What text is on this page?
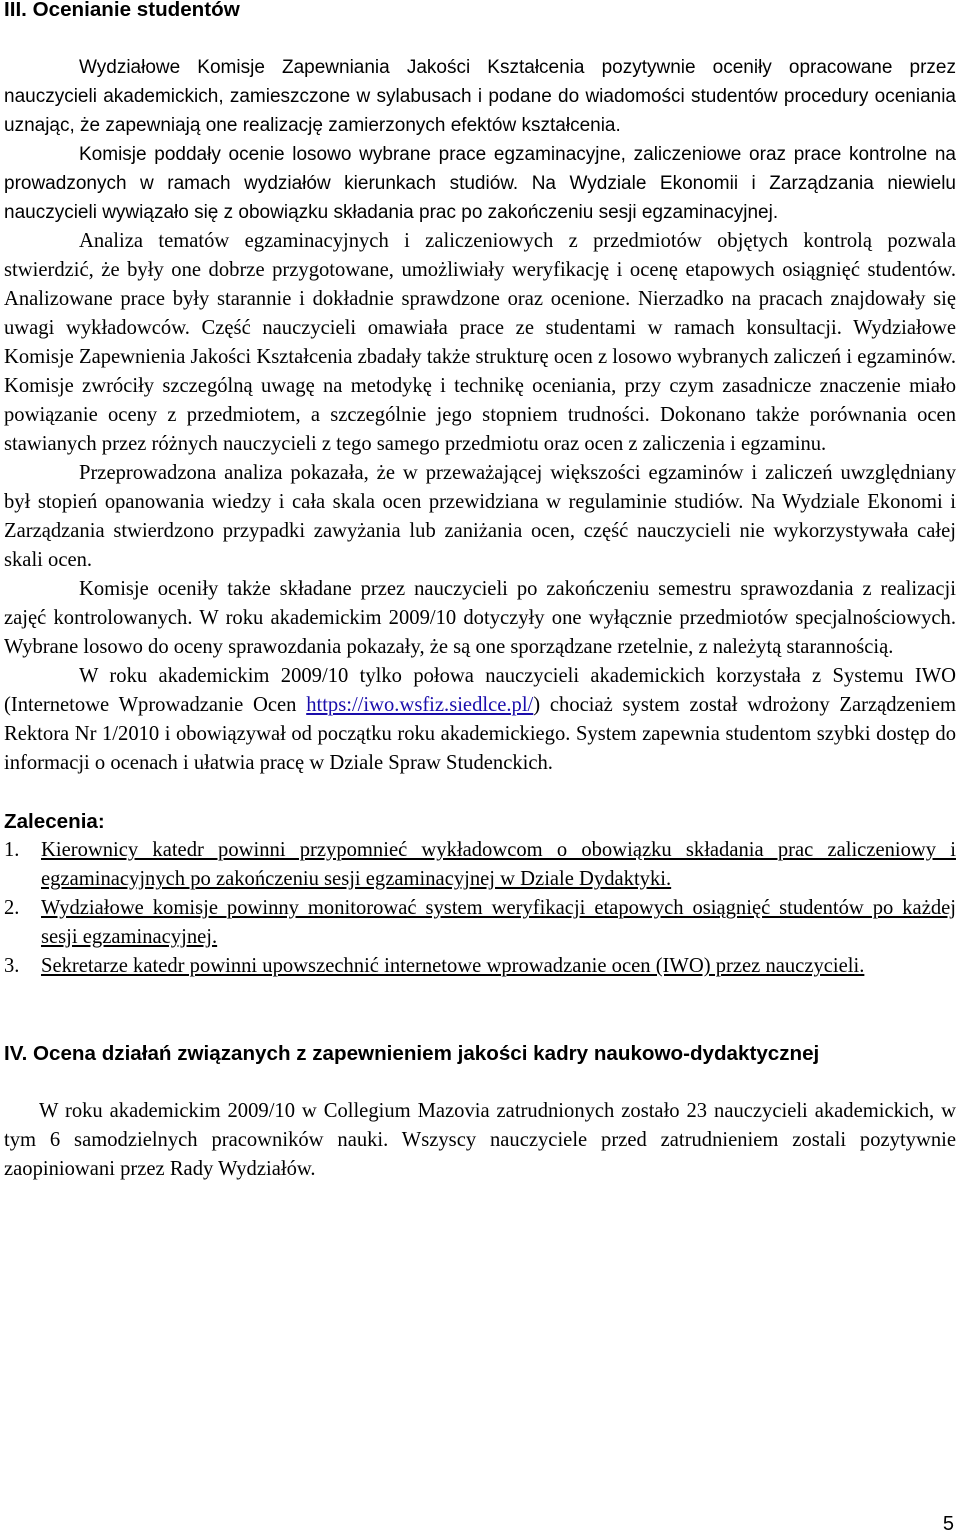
III. Ocenianie studentów

Wydziałowe Komisje Zapewniania Jakości Kształcenia pozytywnie oceniły opracowane przez nauczycieli akademickich, zamieszczone w sylabusach i podane do wiadomości studentów procedury oceniania uznając, że zapewniają one realizację zamierzonych efektów kształcenia.

Komisje poddały ocenie losowo wybrane prace egzaminacyjne, zaliczeniowe oraz prace kontrolne na prowadzonych w ramach wydziałów kierunkach studiów. Na Wydziale Ekonomii i Zarządzania niewielu nauczycieli wywiązało się z obowiązku składania prac po zakończeniu sesji egzaminacyjnej.

Analiza tematów egzaminacyjnych i zaliczeniowych z przedmiotów objętych kontrolą pozwala stwierdzić, że były one dobrze przygotowane, umożliwiały weryfikację i ocenę etapowych osiągnięć studentów. Analizowane prace były starannie i dokładnie sprawdzone oraz ocenione. Nierzadko na pracach znajdowały się uwagi wykładowców. Część nauczycieli omawiała prace ze studentami w ramach konsultacji. Wydziałowe Komisje Zapewnienia Jakości Kształcenia zbadały także strukturę ocen z losowo wybranych zaliczeń i egzaminów. Komisje zwróciły szczególną uwagę na metodykę i technikę oceniania, przy czym zasadnicze znaczenie miało powiązanie oceny z przedmiotem, a szczególnie jego stopniem trudności. Dokonano także porównania ocen stawianych przez różnych nauczycieli z tego samego przedmiotu oraz ocen z zaliczenia i egzaminu.

Przeprowadzona analiza pokazała, że w przeważającej większości egzaminów i zaliczeń uwzględniany był stopień opanowania wiedzy i cała skala ocen przewidziana w regulaminie studiów. Na Wydziale Ekonomi i Zarządzania stwierdzono przypadki zawyżania lub zaniżania ocen, część nauczycieli nie wykorzystywała całej skali ocen.

Komisje oceniły także składane przez nauczycieli po zakończeniu semestru sprawozdania z realizacji zajęć kontrolowanych. W roku akademickim 2009/10 dotyczyły one wyłącznie przedmiotów specjalnościowych. Wybrane losowo do oceny sprawozdania pokazały, że są one sporządzane rzetelnie, z należytą starannością.

W roku akademickim 2009/10 tylko połowa nauczycieli akademickich korzystała z Systemu IWO (Internetowe Wprowadzanie Ocen https://iwo.wsfiz.siedlce.pl/) chociaż system został wdrożony Zarządzeniem Rektora Nr 1/2010 i obowiązywał od początku roku akademickiego. System zapewnia studentom szybki dostęp do informacji o ocenach i ułatwia pracę w Dziale Spraw Studenckich.

Zalecenia:
1. Kierownicy katedr powinni przypomnieć wykładowcom o obowiązku składania prac zaliczeniowy i egzaminacyjnych po zakończeniu sesji egzaminacyjnej w Dziale Dydaktyki.
2. Wydziałowe komisje powinny monitorować system weryfikacji etapowych osiągnięć studentów po każdej sesji egzaminacyjnej.
3. Sekretarze katedr powinni upowszechnić internetowe wprowadzanie ocen (IWO) przez nauczycieli.
IV. Ocena działań związanych z zapewnieniem jakości kadry naukowo-dydaktycznej

W roku akademickim 2009/10 w Collegium Mazovia zatrudnionych zostało 23 nauczycieli akademickich, w tym 6 samodzielnych pracowników nauki. Wszyscy nauczyciele przed zatrudnieniem zostali pozytywnie zaopiniowani przez Rady Wydziałów.

5
